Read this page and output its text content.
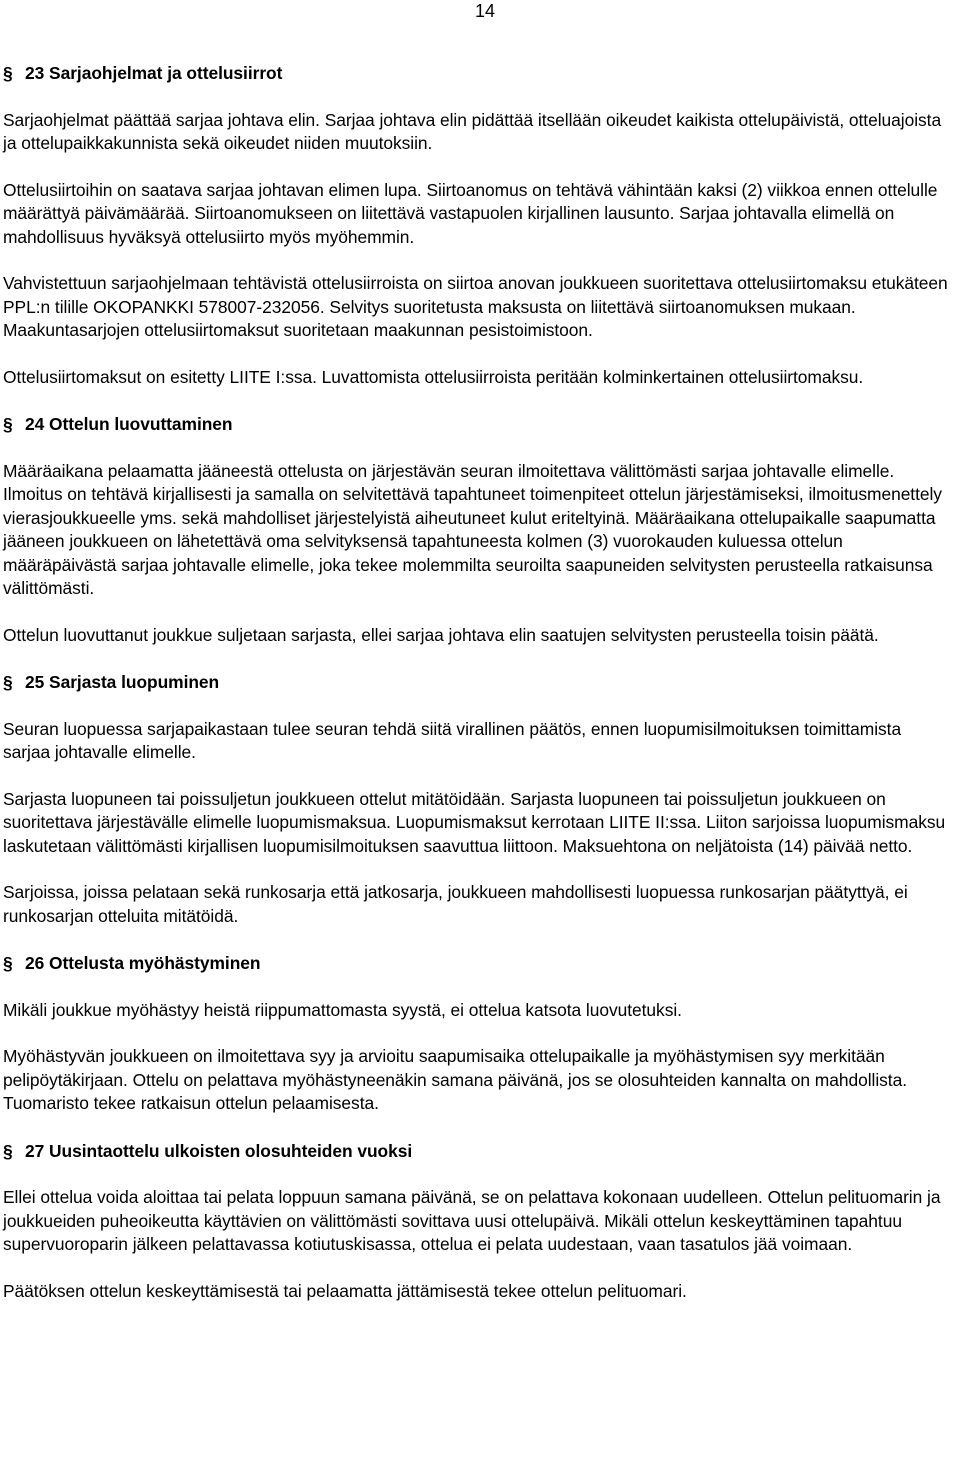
14
§ 23 Sarjaohjelmat ja ottelusiirrot

Sarjaohjelmat päättää sarjaa johtava elin. Sarjaa johtava elin pidättää itsellään oikeudet kaikista ottelupäivistä, otteluajoista ja ottelupaikkakunnista sekä oikeudet niiden muutoksiin.

Ottelusiirtoihin on saatava sarjaa johtavan elimen lupa. Siirtoanomus on tehtävä vähintään kaksi (2) viikkoa ennen ottelulle määrättyä päivämäärää. Siirtoanomukseen on liitettävä vastapuolen kirjallinen lausunto. Sarjaa johtavalla elimellä on mahdollisuus hyväksyä ottelusiirto myös myöhemmin.

Vahvistettuun sarjaohjelmaan tehtävistä ottelusiirroista on siirtoa anovan joukkueen suoritettava ottelusiirtomaksu etukäteen PPL:n tilille OKOPANKKI 578007-232056. Selvitys suoritetusta maksusta on liitettävä siirtoanomuksen mukaan. Maakuntasarjojen ottelusiirtomaksut suoritetaan maakunnan pesistoimistoon.

Ottelusiirtomaksut on esitetty LIITE I:ssa. Luvattomista ottelusiirroista peritään kolminkertainen ottelusiirtomaksu.

§ 24 Ottelun luovuttaminen

Määräaikana pelaamatta jääneestä ottelusta on järjestävän seuran ilmoitettava välittömästi sarjaa johtavalle elimelle. Ilmoitus on tehtävä kirjallisesti ja samalla on selvitettävä tapahtuneet toimenpiteet ottelun järjestämiseksi, ilmoitusmenettely vierasjoukkueelle yms. sekä mahdolliset järjestelyistä aiheutuneet kulut eriteltyinä. Määräaikana ottelupaikalle saapumatta jääneen joukkueen on lähetettävä oma selvityksensä tapahtuneesta kolmen (3) vuorokauden kuluessa ottelun määräpäivästä sarjaa johtavalle elimelle, joka tekee molemmilta seuroilta saapuneiden selvitysten perusteella ratkaisunsa välittömästi.

Ottelun luovuttanut joukkue suljetaan sarjasta, ellei sarjaa johtava elin saatujen selvitysten perusteella toisin päätä.

§ 25 Sarjasta luopuminen

Seuran luopuessa sarjapaikastaan tulee seuran tehdä siitä virallinen päätös, ennen luopumisilmoituksen toimittamista sarjaa johtavalle elimelle.

Sarjasta luopuneen tai poissuljetun joukkueen ottelut mitätöidään. Sarjasta luopuneen tai poissuljetun joukkueen on suoritettava järjestävälle elimelle luopumismaksua. Luopumismaksut kerrotaan LIITE II:ssa. Liiton sarjoissa luopumismaksu laskutetaan välittömästi kirjallisen luopumisilmoituksen saavuttua liittoon. Maksuehtona on neljätoista (14) päivää netto.

Sarjoissa, joissa pelataan sekä runkosarja että jatkosarja, joukkueen mahdollisesti luopuessa runkosarjan päätyttyä, ei runkosarjan otteluita mitätöidä.

§ 26 Ottelusta myöhästyminen

Mikäli joukkue myöhästyy heistä riippumattomasta syystä, ei ottelua katsota luovutetuksi.

Myöhästyvän joukkueen on ilmoitettava syy ja arvioitu saapumisaika ottelupaikalle ja myöhästymisen syy merkitään pelipöytäkirjaan. Ottelu on pelattava myöhästyneenäkin samana päivänä, jos se olosuhteiden kannalta on mahdollista. Tuomaristo tekee ratkaisun ottelun pelaamisesta.

§ 27 Uusintaottelu ulkoisten olosuhteiden vuoksi

Ellei ottelua voida aloittaa tai pelata loppuun samana päivänä, se on pelattava kokonaan uudelleen. Ottelun pelituomarin ja joukkueiden puheoikeutta käyttävien on välittömästi sovittava uusi ottelupäivä. Mikäli ottelun keskeyttäminen tapahtuu supervuoroparin jälkeen pelattavassa kotiutuskisassa, ottelua ei pelata uudestaan, vaan tasatulos jää voimaan.

Päätöksen ottelun keskeyttämisestä tai pelaamatta jättämisestä tekee ottelun pelituomari.
